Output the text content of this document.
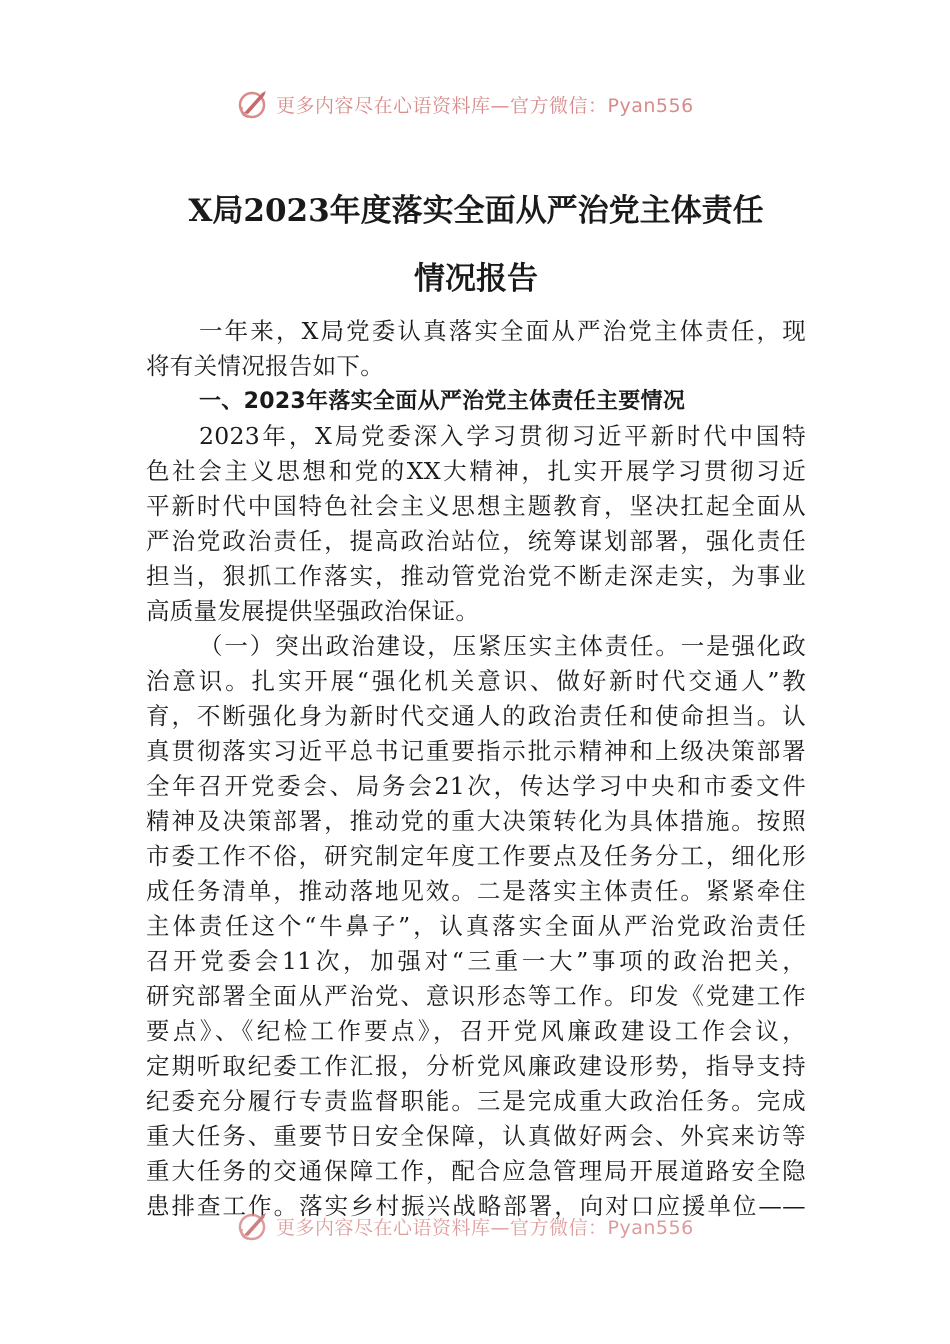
更多内容尽在心语资料库—官方微信：Pyan556
X局2023年度落实全面从严治党主体责任
情况报告
一年来，X局党委认真落实全面从严治党主体责任，现
将有关情况报告如下。
一、2023年落实全面从严治党主体责任主要情况
2023年，X局党委深入学习贯彻习近平新时代中国特
色社会主义思想和党的XX大精神，扎实开展学习贯彻习近
平新时代中国特色社会主义思想主题教育，坚决扛起全面从
严治党政治责任，提高政治站位，统筹谋划部署，强化责任
担当，狠抓工作落实，推动管党治党不断走深走实，为事业
高质量发展提供坚强政治保证。
（一）突出政治建设，压紧压实主体责任。一是强化政
治意识。扎实开展“强化机关意识、做好新时代交通人”教
育，不断强化身为新时代交通人的政治责任和使命担当。认
真贯彻落实习近平总书记重要指示批示精神和上级决策部署
全年召开党委会、局务会21次，传达学习中央和市委文件
精神及决策部署，推动党的重大决策转化为具体措施。按照
市委工作不俗，研究制定年度工作要点及任务分工，细化形
成任务清单，推动落地见效。二是落实主体责任。紧紧牵住
主体责任这个“牛鼻子”，认真落实全面从严治党政治责任
召开党委会11次，加强对“三重一大”事项的政治把关，
研究部署全面从严治党、意识形态等工作。印发《党建工作
要点》、《纪检工作要点》，召开党风廉政建设工作会议，
定期听取纪委工作汇报，分析党风廉政建设形势，指导支持
纪委充分履行专责监督职能。三是完成重大政治任务。完成
重大任务、重要节日安全保障，认真做好两会、外宾来访等
重大任务的交通保障工作，配合应急管理局开展道路安全隐
患排查工作。落实乡村振兴战略部署，向对口应援单位——
更多内容尽在心语资料库—官方微信：Pyan556
